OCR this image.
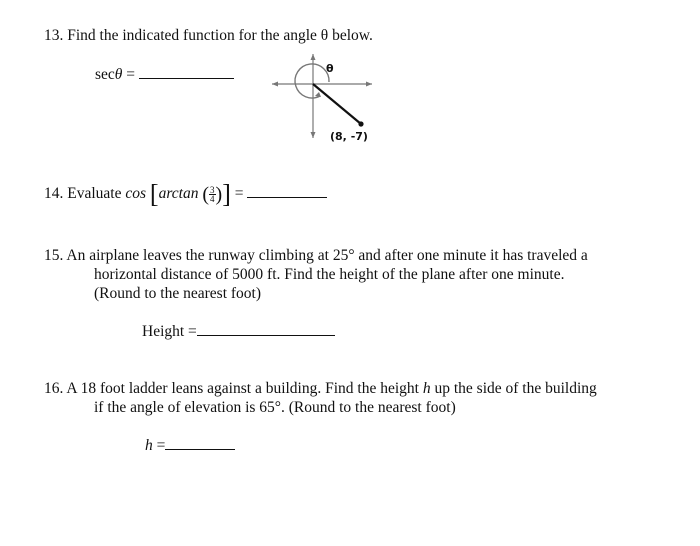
13. Find the indicated function for the angle θ below.
secθ =	θ
(8, -7)
14. Evaluate cos [arctan ( $\frac{3}{4}$ )] =
15. An airplane leaves the runway climbing at 25° and after one minute it has traveled a
horizontal distance of 5000 ft. Find the height of the plane after one minute.
(Round to the nearest foot)
Height =
16. A 18 foot ladder leans against a building. Find the height h up the side of the building
if the angle of elevation is 65°. (Round to the nearest foot)
h =
